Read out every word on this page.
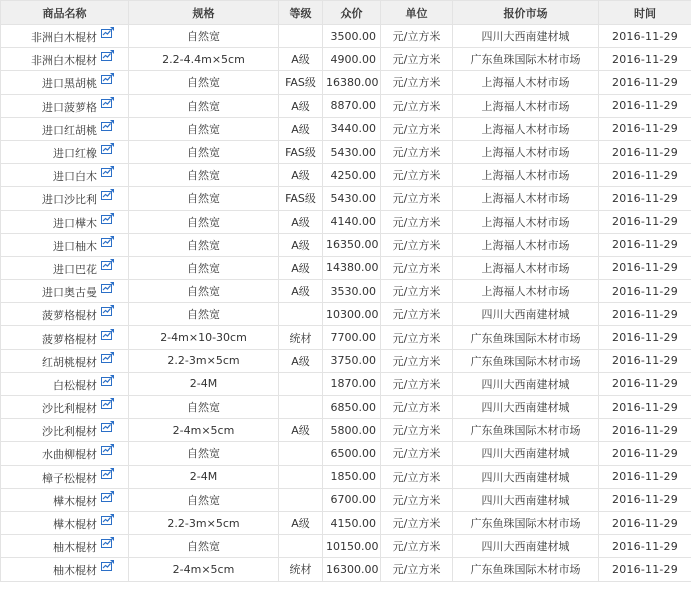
商品名称	规格	等级	众价	单位	报价市场	时间
非洲白木棍材	自然宽		3500.00	元/立方米	四川大西南建材城	2016-11-29
非洲白木棍材	2.2-4.4m×5cm	A级	4900.00	元/立方米	广东鱼珠国际木材市场	2016-11-29
进口黑胡桃	自然宽	FAS级	16380.00	元/立方米	上海福人木材市场	2016-11-29
进口菠萝格	自然宽	A级	8870.00	元/立方米	上海福人木材市场	2016-11-29
进口红胡桃	自然宽	A级	3440.00	元/立方米	上海福人木材市场	2016-11-29
进口红橡	自然宽	FAS级	5430.00	元/立方米	上海福人木材市场	2016-11-29
进口白木	自然宽	A级	4250.00	元/立方米	上海福人木材市场	2016-11-29
进口沙比利	自然宽	FAS级	5430.00	元/立方米	上海福人木材市场	2016-11-29
进口樺木	自然宽	A级	4140.00	元/立方米	上海福人木材市场	2016-11-29
进口柚木	自然宽	A级	16350.00	元/立方米	上海福人木材市场	2016-11-29
进口巴花	自然宽	A级	14380.00	元/立方米	上海福人木材市场	2016-11-29
进口奥古曼	自然宽	A级	3530.00	元/立方米	上海福人木材市场	2016-11-29
菠萝格棍材	自然宽		10300.00	元/立方米	四川大西南建材城	2016-11-29
菠萝格棍材	2-4m×10-30cm	统材	7700.00	元/立方米	广东鱼珠国际木材市场	2016-11-29
红胡桃棍材	2.2-3m×5cm	A级	3750.00	元/立方米	广东鱼珠国际木材市场	2016-11-29
白松棍材	2-4M		1870.00	元/立方米	四川大西南建材城	2016-11-29
沙比利棍材	自然宽		6850.00	元/立方米	四川大西南建材城	2016-11-29
沙比利棍材	2-4m×5cm	A级	5800.00	元/立方米	广东鱼珠国际木材市场	2016-11-29
水曲柳棍材	自然宽		6500.00	元/立方米	四川大西南建材城	2016-11-29
樟子松棍材	2-4M		1850.00	元/立方米	四川大西南建材城	2016-11-29
樺木棍材	自然宽		6700.00	元/立方米	四川大西南建材城	2016-11-29
樺木棍材	2.2-3m×5cm	A级	4150.00	元/立方米	广东鱼珠国际木材市场	2016-11-29
柚木棍材	自然宽		10150.00	元/立方米	四川大西南建材城	2016-11-29
柚木棍材	2-4m×5cm	统材	16300.00	元/立方米	广东鱼珠国际木材市场	2016-11-29
